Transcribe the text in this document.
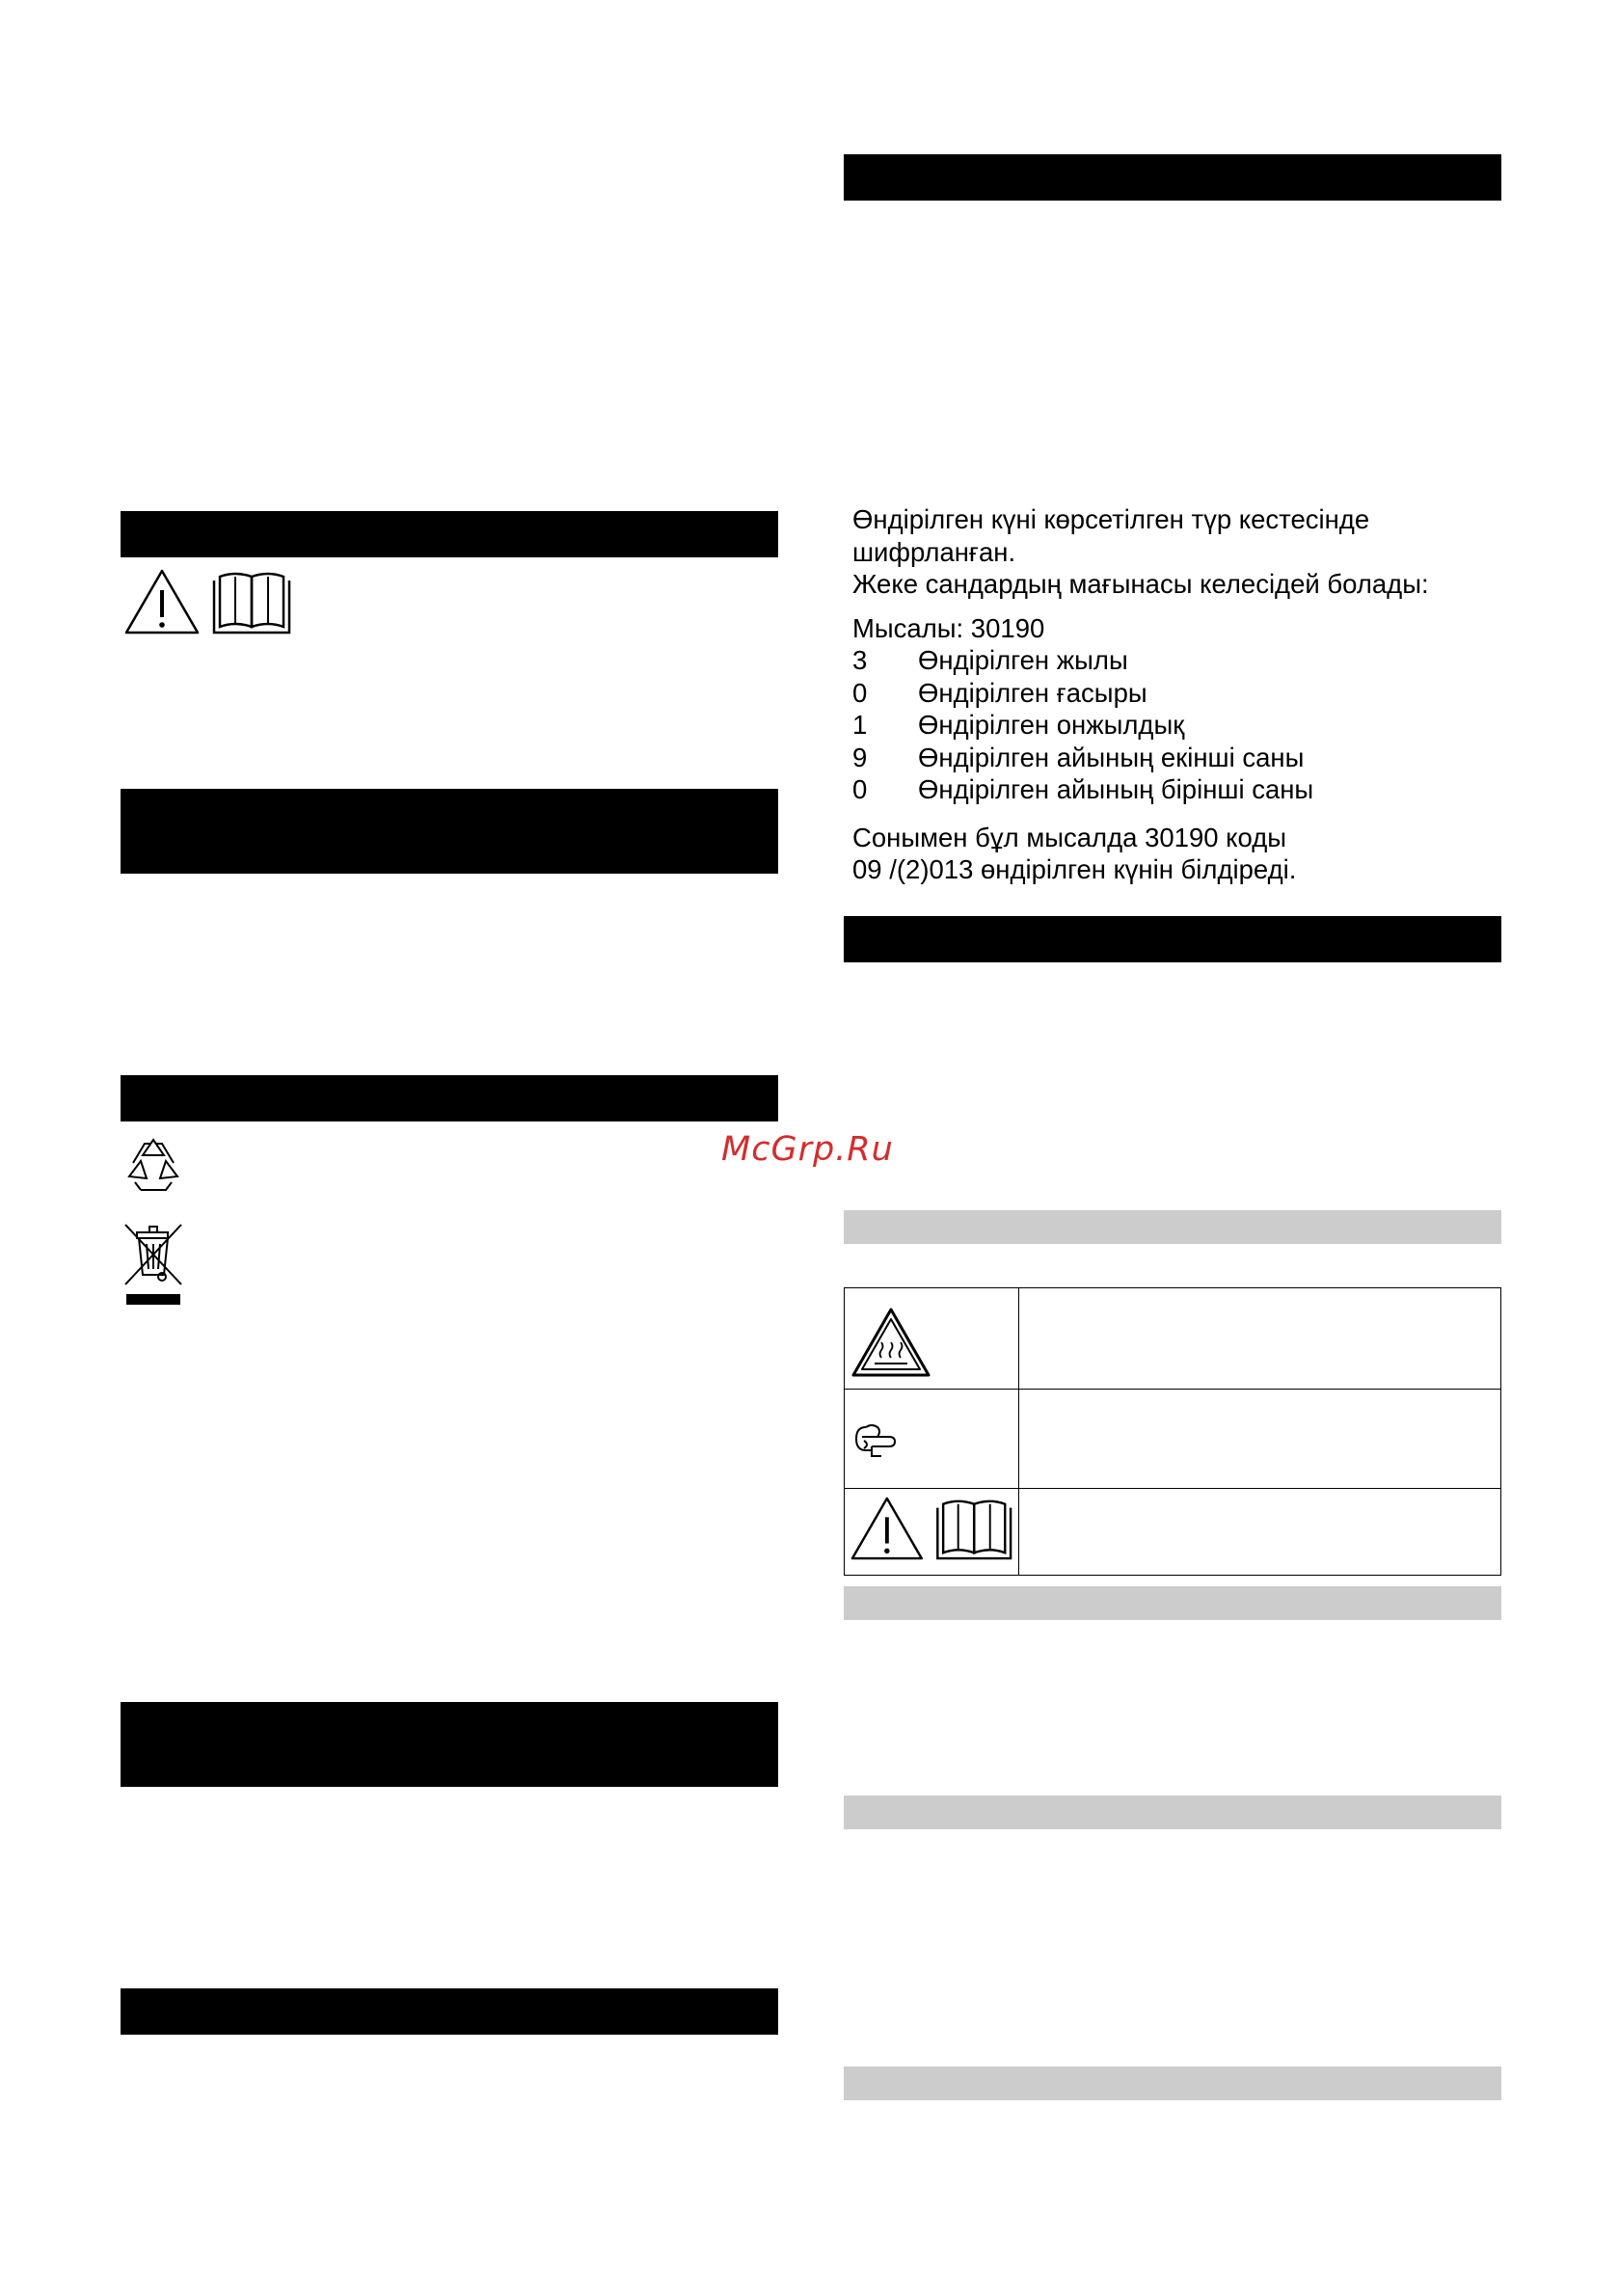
Өндірілген күні көрсетілген түр кестесінде

шифрланған.

Жеке сандардың мағынасы келесідей болады:

Мысалы: 30190

3	Өндірілген жылы
0	Өндірілген ғасыры
1	Өндірілген онжылдық
9	Өндірілген айының екінші саны
0	Өндірілген айының бірінші саны

Сонымен бұл мысалда 30190 коды

09 /(2)013 өндірілген күнін білдіреді.

McGrp.Ru
